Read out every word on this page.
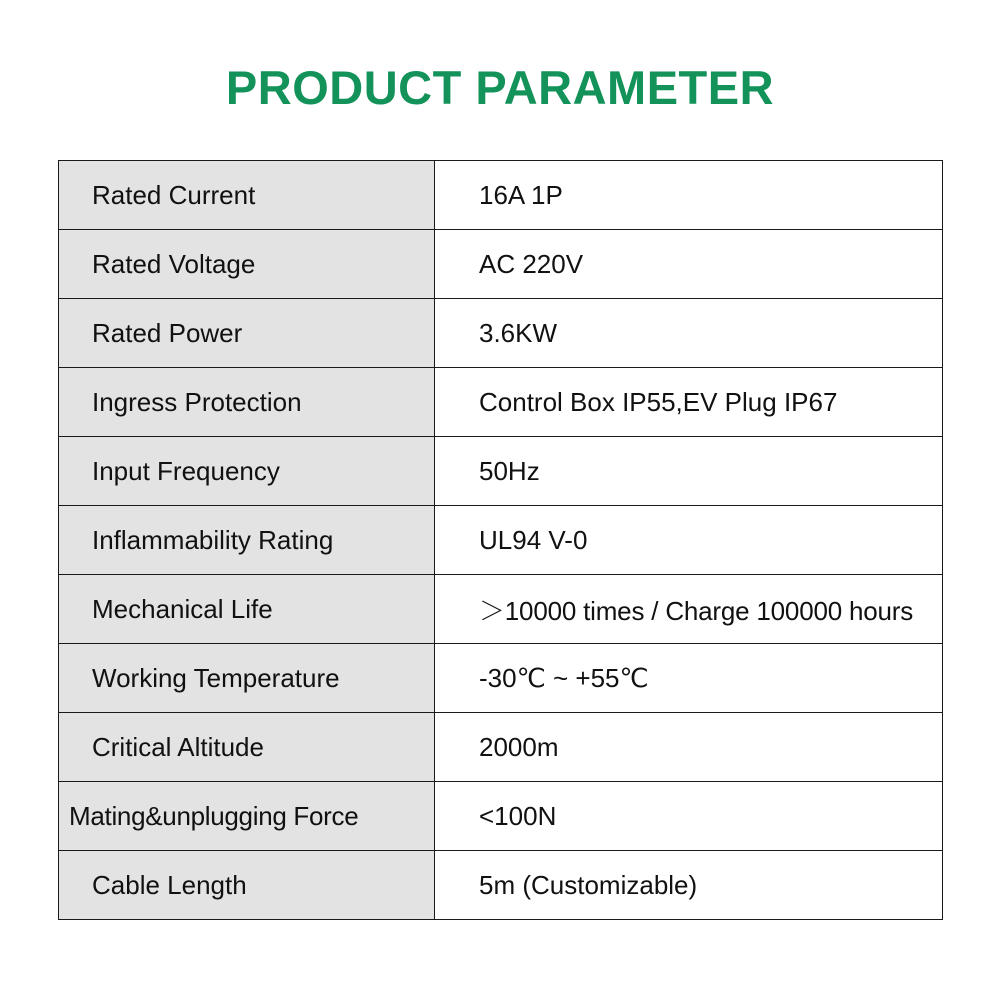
PRODUCT PARAMETER
Rated Current	16A 1P
Rated Voltage	AC 220V
Rated Power	3.6KW
Ingress Protection	Control Box IP55,EV Plug IP67
Input Frequency	50Hz
Inflammability Rating	UL94 V-0
Mechanical Life	＞10000 times / Charge 100000 hours
Working Temperature	-30℃ ~ +55℃
Critical Altitude	2000m
Mating&unplugging Force	<100N
Cable Length	5m (Customizable)
